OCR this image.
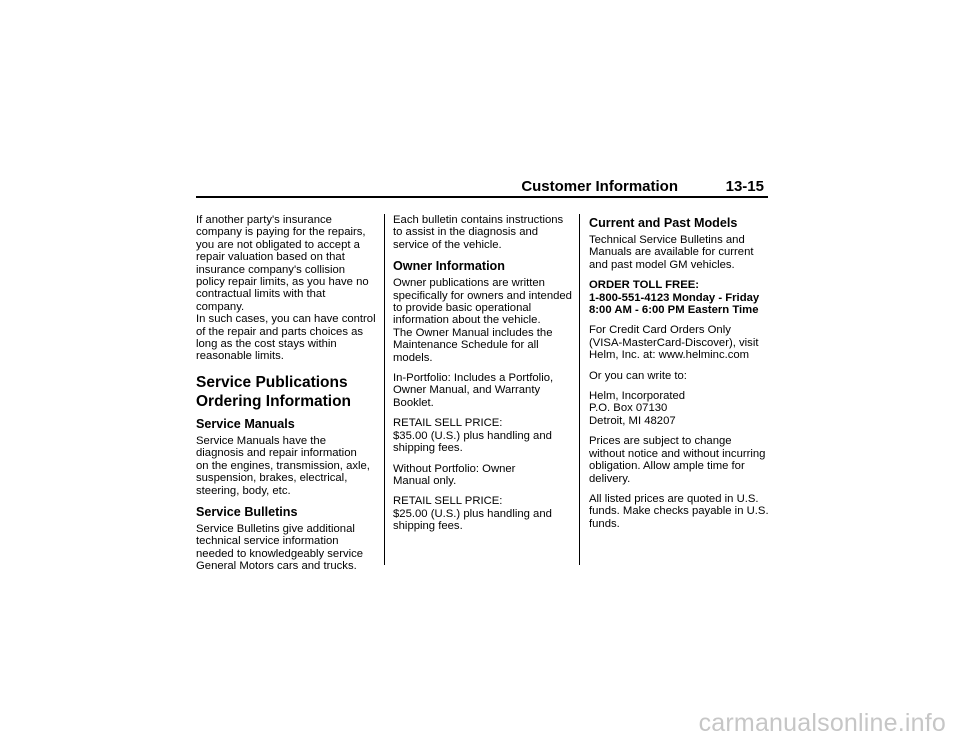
Customer Information	13-15

If another party's insurance
company is paying for the repairs,
you are not obligated to accept a
repair valuation based on that
insurance company's collision
policy repair limits, as you have no
contractual limits with that company.
In such cases, you can have control
of the repair and parts choices as
long as the cost stays within
reasonable limits.

Service Publications
Ordering Information
Service Manuals

Service Manuals have the
diagnosis and repair information
on the engines, transmission, axle,
suspension, brakes, electrical,
steering, body, etc.

Service Bulletins

Service Bulletins give additional
technical service information
needed to knowledgeably service
General Motors cars and trucks.

Each bulletin contains instructions
to assist in the diagnosis and
service of the vehicle.

Owner Information

Owner publications are written
specifically for owners and intended
to provide basic operational
information about the vehicle.
The Owner Manual includes the
Maintenance Schedule for all
models.

In-Portfolio: Includes a Portfolio,
Owner Manual, and Warranty
Booklet.

RETAIL SELL PRICE:
$35.00 (U.S.) plus handling and
shipping fees.

Without Portfolio: Owner
Manual only.

RETAIL SELL PRICE:
$25.00 (U.S.) plus handling and
shipping fees.

Current and Past Models

Technical Service Bulletins and
Manuals are available for current
and past model GM vehicles.

ORDER TOLL FREE:
1-800-551-4123 Monday - Friday
8:00 AM - 6:00 PM Eastern Time

For Credit Card Orders Only
(VISA-MasterCard-Discover), visit
Helm, Inc. at: www.helminc.com

Or you can write to:

Helm, Incorporated
P.O. Box 07130
Detroit, MI 48207

Prices are subject to change
without notice and without incurring
obligation. Allow ample time for
delivery.

All listed prices are quoted in U.S.
funds. Make checks payable in U.S.
funds.

carmanualsonline.info
